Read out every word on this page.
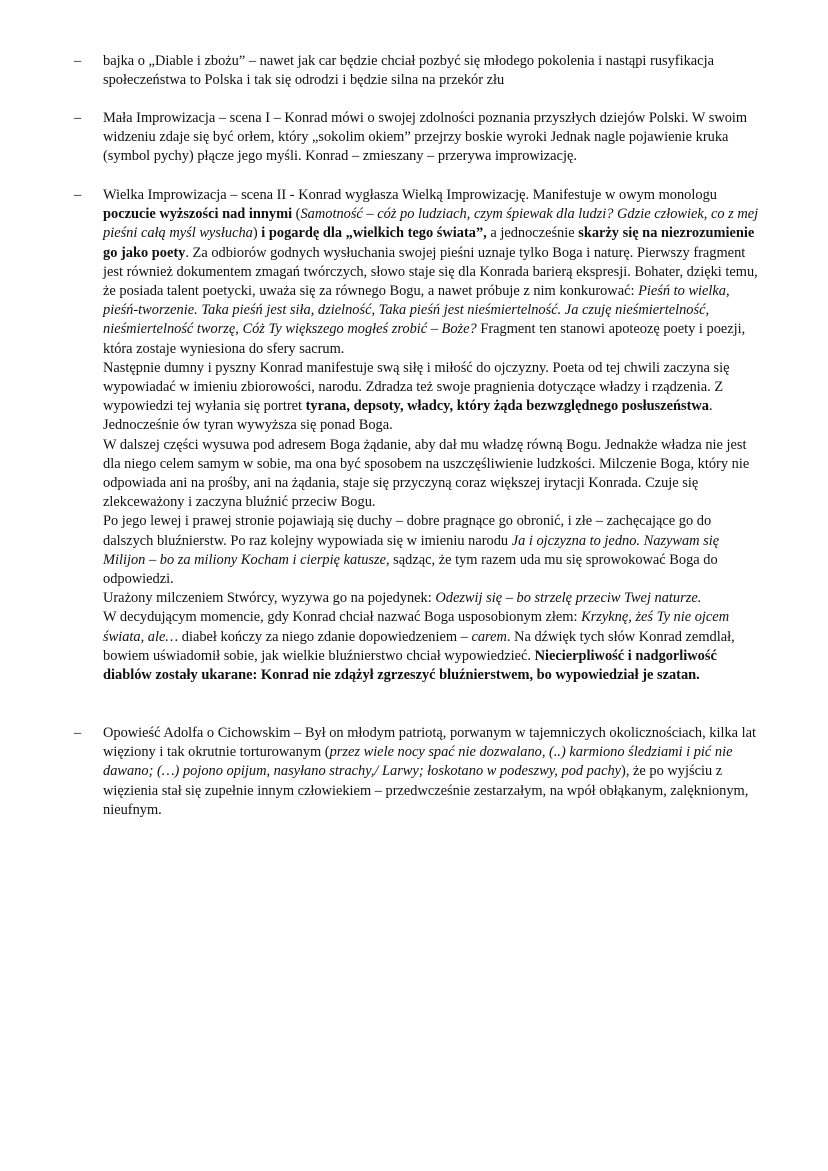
– bajka o „Diable i zbożu” – nawet jak car będzie chciał pozbyć się młodego pokolenia i nastąpi rusyfikacja społeczeństwa to Polska i tak się odrodzi i będzie silna na przekór złu

– Mała Improwizacja – scena I – Konrad mówi o swojej zdolności poznania przyszłych dziejów Polski. W swoim widzeniu zdaje się być orłem, który „sokolim okiem” przejrzy boskie wyroki Jednak nagle pojawienie kruka (symbol pychy) płącze jego myśli. Konrad – zmieszany – przerywa improwizację.

– Wielka Improwizacja – scena II - Konrad wygłasza Wielką Improwizację. Manifestuje w owym monologu poczucie wyższości nad innymi (Samotność – cóż po ludziach, czym śpiewak dla ludzi? Gdzie człowiek, co z mej pieśni całą myśl wysłucha) i pogardę dla „wielkich tego świata”, a jednocześnie skarży się na niezrozumienie go jako poety. Za odbiorów godnych wysłuchania swojej pieśni uznaje tylko Boga i naturę. Pierwszy fragment jest również dokumentem zmagań twórczych, słowo staje się dla Konrada barierą ekspresji. Bohater, dzięki temu, że posiada talent poetycki, uważa się za równego Bogu, a nawet próbuje z nim konkurować: Pieśń to wielka, pieśń-tworzenie. Taka pieśń jest siła, dzielność, Taka pieśń jest nieśmiertelność. Ja czuję nieśmiertelność, nieśmiertelność tworzę, Cóż Ty większego mogłeś zrobić – Boże? Fragment ten stanowi apoteozę poety i poezji, która zostaje wyniesiona do sfery sacrum.

Następnie dumny i pyszny Konrad manifestuje swą siłę i miłość do ojczyzny. Poeta od tej chwili zaczyna się wypowiadać w imieniu zbiorowości, narodu. Zdradza też swoje pragnienia dotyczące władzy i rządzenia. Z wypowiedzi tej wyłania się portret tyrana, depsoty, władcy, który żąda bezwzględnego posłuszeństwa. Jednocześnie ów tyran wywyższa się ponad Boga.

W dalszej części wysuwa pod adresem Boga żądanie, aby dał mu władzę równą Bogu. Jednakże władza nie jest dla niego celem samym w sobie, ma ona być sposobem na uszczęśliwienie ludzkości. Milczenie Boga, który nie odpowiada ani na prośby, ani na żądania, staje się przyczyną coraz większej irytacji Konrada. Czuje się zlekceważony i zaczyna bluźnić przeciw Bogu.

Po jego lewej i prawej stronie pojawiają się duchy – dobre pragnące go obronić, i złe – zachęcające go do dalszych bluźnierstw. Po raz kolejny wypowiada się w imieniu narodu Ja i ojczyzna to jedno. Nazywam się Milijon – bo za miliony Kocham i cierpię katusze, sądząc, że tym razem uda mu się sprowokować Boga do odpowiedzi.

Urażony milczeniem Stwórcy, wyzywa go na pojedynek: Odezwij się – bo strzelę przeciw Twej naturze.

W decydującym momencie, gdy Konrad chciał nazwać Boga usposobionym złem: Krzyknę, żeś Ty nie ojcem świata, ale… diabeł kończy za niego zdanie dopowiedzeniem – carem. Na dźwięk tych słów Konrad zemdlał, bowiem uświadomił sobie, jak wielkie bluźnierstwo chciał wypowiedzieć. Niecierpliwość i nadgorliwość diablów zostały ukarane: Konrad nie zdążył zgrzeszyć bluźnierstwem, bo wypowiedział je szatan.

– Opowieść Adolfa o Cichowskim – Był on młodym patriotą, porwanym w tajemniczych okolicznościach, kilka lat więziony i tak okrutnie torturowanym (przez wiele nocy spać nie dozwalano, (..) karmiono śledziami i pić nie dawano; (…) pojono opijum, nasyłano strachy,/ Larwy; łoskotano w podeszwy, pod pachy), że po wyjściu z więzienia stał się zupełnie innym człowiekiem – przedwcześnie zestarzałym, na wpół obłąkanym, zalęknionym, nieufnym.
